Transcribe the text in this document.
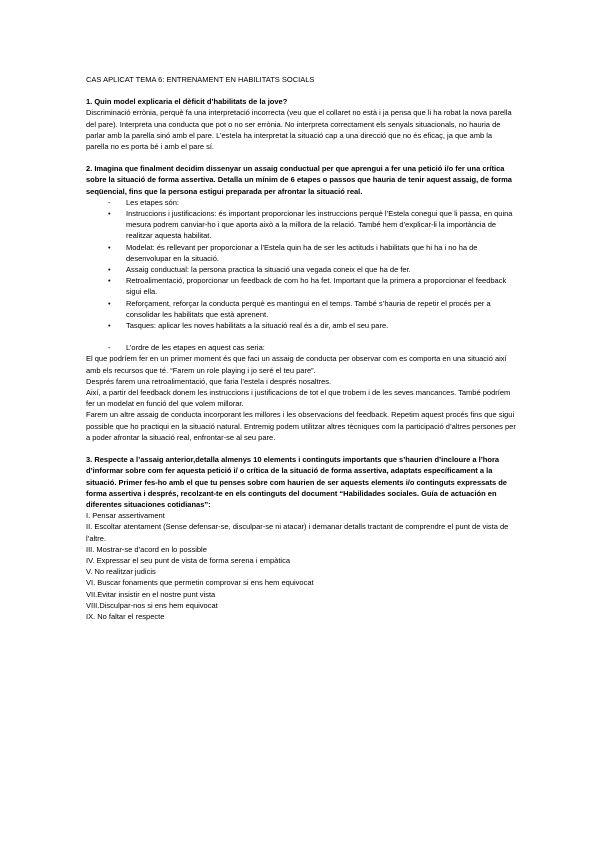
CAS APLICAT TEMA 6: ENTRENAMENT EN HABILITATS SOCIALS

1. Quin model explicaria el dèficit d’habilitats de la jove?

Discriminació errònia, perquè fa una interpretació incorrecta (veu que el collaret no està i ja pensa que li ha robat la nova parella del pare). Interpreta una conducta que pot o no ser errònia. No interpreta correctament els senyals situacionals, no hauria de parlar amb la parella sinó amb el pare. L’estela ha interpretat la situació cap a una direcció que no és eficaç, ja que amb la parella no es porta bé i amb el pare sí.

2. Imagina que finalment decidim dissenyar un assaig conductual per que aprengui a fer una petició i/o fer una crítica sobre la situació de forma assertiva. Detalla un mínim de 6 etapes o passos que hauria de tenir aquest assaig, de forma seqüencial, fins que la persona estigui preparada per afrontar la situació real.

- Les etapes són:

• Instruccions i justificacions: és important proporcionar les instruccions perquè l’Estela conegui que li passa, en quina mesura podrem canviar-ho i que aporta això a la millora de la relació. També hem d’explicar-li la importància de realitzar aquesta habilitat.
• Modelat: és rellevant per proporcionar a l’Estela quin ha de ser les actituds i habilitats que hi ha i no ha de desenvolupar en la situació.
• Assaig conductual: la persona practica la situació una vegada coneix el que ha de fer.
• Retroalimentació, proporcionar un feedback de com ho ha fet. Important que la primera a proporcionar el feedback sigui ella.
• Reforçament, reforçar la conducta perquè es mantingui en el temps. També s’hauria de repetir el procés per a consolidar les habilitats que està aprenent.
• Tasques: aplicar les noves habilitats a la situació real és a dir, amb el seu pare.

- L’ordre de les etapes en aquest cas seria:

El que podríem fer en un primer moment és que faci un assaig de conducta per observar com es comporta en una situació així amb els recursos que té. “Farem un role playing i jo seré el teu pare”.

Després farem una retroalimentació, que faria l’estela i després nosaltres.

Així, a partir del feedback donem les instruccions i justificacions de tot el que trobem i de les seves mancances. També podríem fer un modelat en funció del que volem millorar.

Farem un altre assaig de conducta incorporant les millores i les observacions del feedback. Repetim aquest procés fins que sigui possible que ho practiqui en la situació natural. Entremig podem utilitzar altres tècniques com la participació d’altres persones per a poder afrontar la situació real, enfrontar-se al seu pare.

3. Respecte a l’assaig anterior,detalla almenys 10 elements i continguts importants que s’haurien d’incloure a l’hora d’informar sobre com fer aquesta petició i/ o crítica de la situació de forma assertiva, adaptats específicament a la situació. Primer fes-ho amb el que tu penses sobre com haurien de ser aquests elements i/o continguts expressats de forma assertiva i després, recolzant-te en els continguts del document “Habilidades sociales. Guía de actuación en diferentes situaciones cotidianas”:

I. Pensar assertivament

II. Escoltar atentament (Sense defensar-se, disculpar-se ni atacar) i demanar detalls tractant de comprendre el punt de vista de l’altre.

III. Mostrar-se d’acord en lo possible

IV. Expressar el seu punt de vista de forma serena i empàtica

V. No realitzar judicis

VI. Buscar fonaments que permetin comprovar si ens hem equivocat

VII.Evitar insistir en el nostre punt vista

VIII.Disculpar-nos si ens hem equivocat

IX. No faltar el respecte
